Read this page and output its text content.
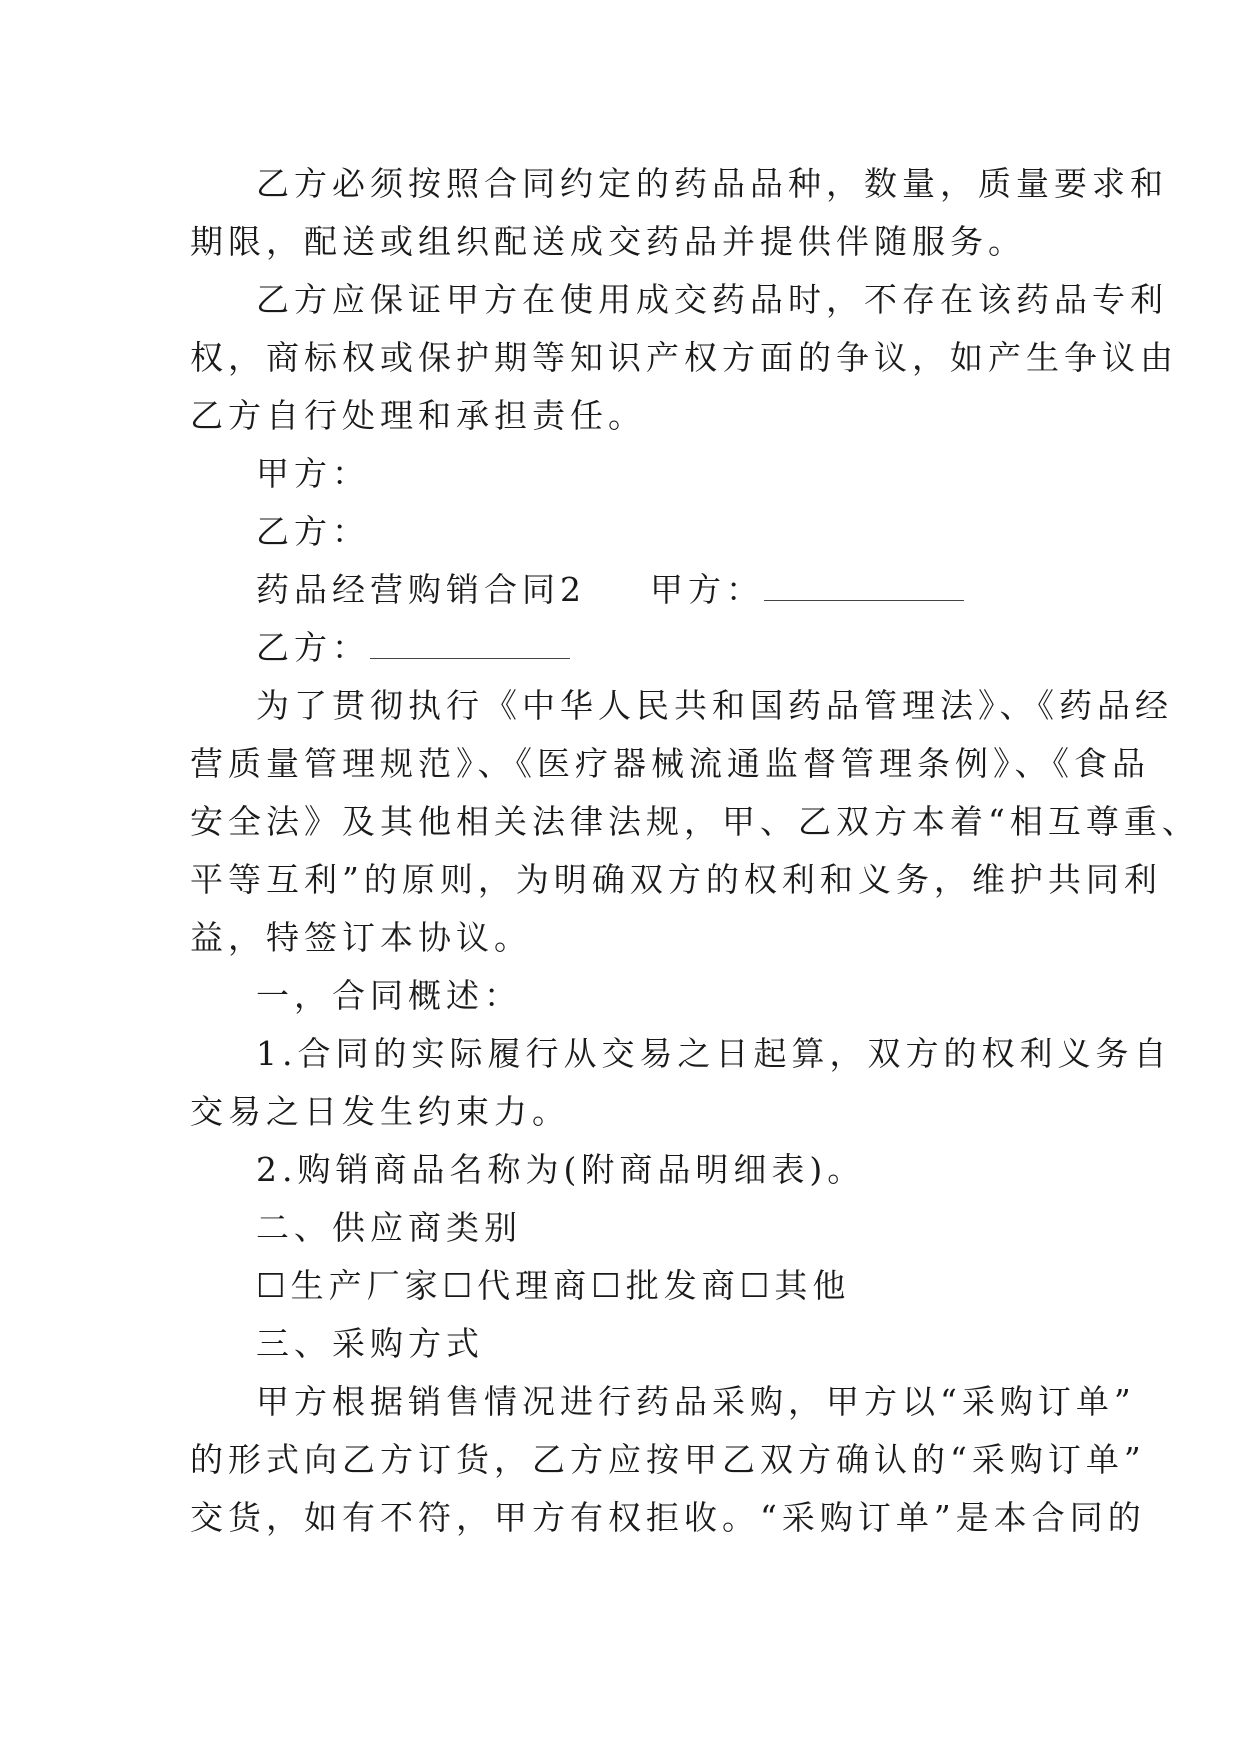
乙方必须按照合同约定的药品品种，数量，质量要求和

期限，配送或组织配送成交药品并提供伴随服务。

乙方应保证甲方在使用成交药品时，不存在该药品专利

权，商标权或保护期等知识产权方面的争议，如产生争议由

乙方自行处理和承担责任。

甲方：

乙方：

药品经营购销合同2 甲方：

乙方：

为了贯彻执行《中华人民共和国药品管理法》、《药品经

营质量管理规范》、《医疗器械流通监督管理条例》、《食品

安全法》及其他相关法律法规，甲、乙双方本着“相互尊重、

平等互利”的原则，为明确双方的权利和义务，维护共同利

益，特签订本协议。

一，合同概述：

1.合同的实际履行从交易之日起算，双方的权利义务自

交易之日发生约束力。

2.购销商品名称为(附商品明细表)。

二、供应商类别

☐生产厂家☐代理商☐批发商☐其他

三、采购方式

甲方根据销售情况进行药品采购，甲方以“采购订单”

的形式向乙方订货，乙方应按甲乙双方确认的“采购订单”

交货，如有不符，甲方有权拒收。“采购订单”是本合同的
